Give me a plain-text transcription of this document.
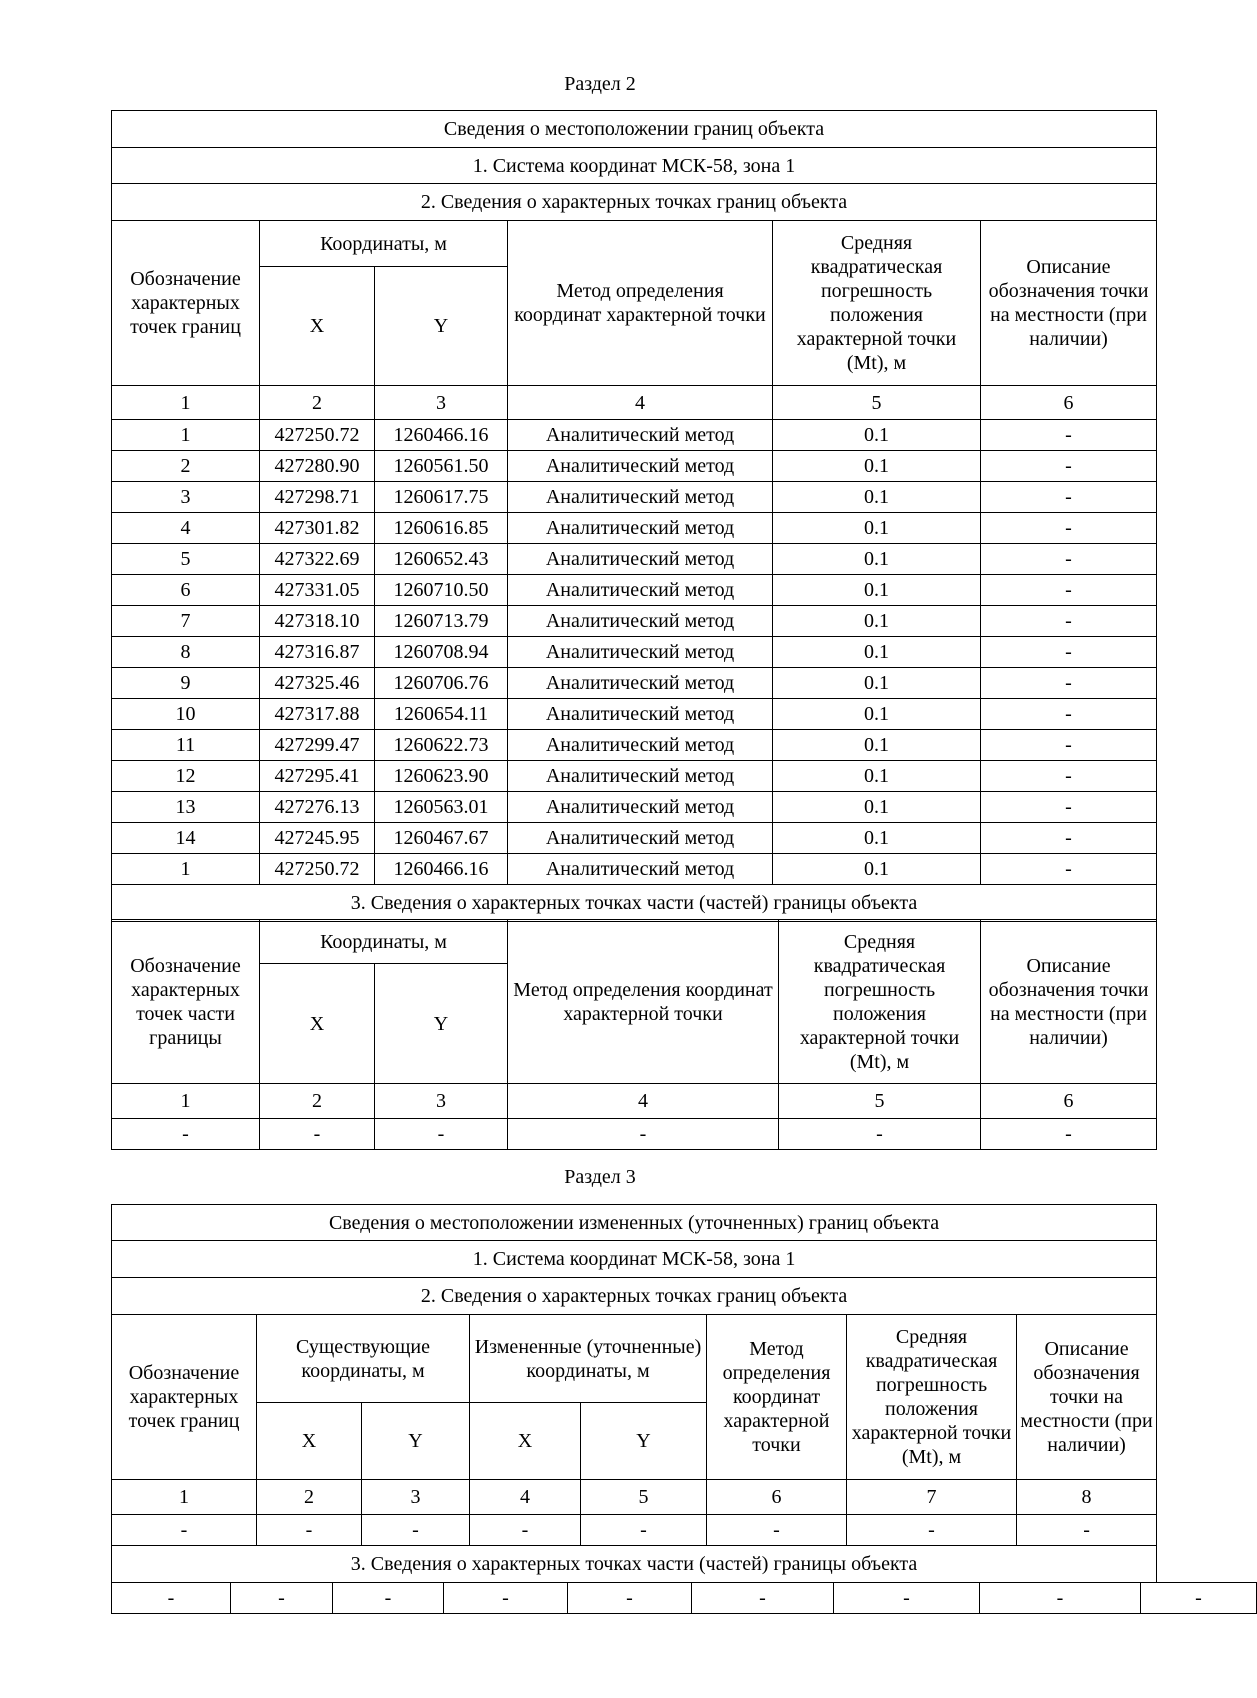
Раздел 2
Сведения о местоположении границ объекта					
1. Система координат МСК-58, зона 1					
2. Сведения о характерных точках границ объекта					
Обозначение характерных точек границ	Координаты, м		Метод определения координат характерной точки	Средняя квадратическая погрешность положения характерной точки (Mt), м	Описание обозначения точки на местности (при наличии)
	X	Y			
1	2	3	4	5	6
1	427250.72	1260466.16	Аналитический метод	0.1	-
2	427280.90	1260561.50	Аналитический метод	0.1	-
3	427298.71	1260617.75	Аналитический метод	0.1	-
4	427301.82	1260616.85	Аналитический метод	0.1	-
5	427322.69	1260652.43	Аналитический метод	0.1	-
6	427331.05	1260710.50	Аналитический метод	0.1	-
7	427318.10	1260713.79	Аналитический метод	0.1	-
8	427316.87	1260708.94	Аналитический метод	0.1	-
9	427325.46	1260706.76	Аналитический метод	0.1	-
10	427317.88	1260654.11	Аналитический метод	0.1	-
11	427299.47	1260622.73	Аналитический метод	0.1	-
12	427295.41	1260623.90	Аналитический метод	0.1	-
13	427276.13	1260563.01	Аналитический метод	0.1	-
14	427245.95	1260467.67	Аналитический метод	0.1	-
1	427250.72	1260466.16	Аналитический метод	0.1	-
3. Сведения о характерных точках части (частей) границы объекта					
Обозначение характерных точек части границы	Координаты, м		Метод определения координат характерной точки	Средняя квадратическая погрешность положения характерной точки (Mt), м	Описание обозначения точки на местности (при наличии)
	X	Y			
1	2	3	4	5	6
-	-	-	-	-	-
Раздел 3
Сведения о местоположении измененных (уточненных) границ объекта							
1. Система координат МСК-58, зона 1							
2. Сведения о характерных точках границ объекта							
Обозначение характерных точек границ	Существующие координаты, м		Измененные (уточненные) координаты, м		Метод определения координат характерной точки	Средняя квадратическая погрешность положения характерной точки (Mt), м	Описание обозначения точки на местности (при наличии)
	X	Y	X	Y			
1	2	3	4	5	6	7	8
-	-	-	-	-	-	-	-
3. Сведения о характерных точках части (частей) границы объекта							
-	-	-	-	-	-	-	-	-
